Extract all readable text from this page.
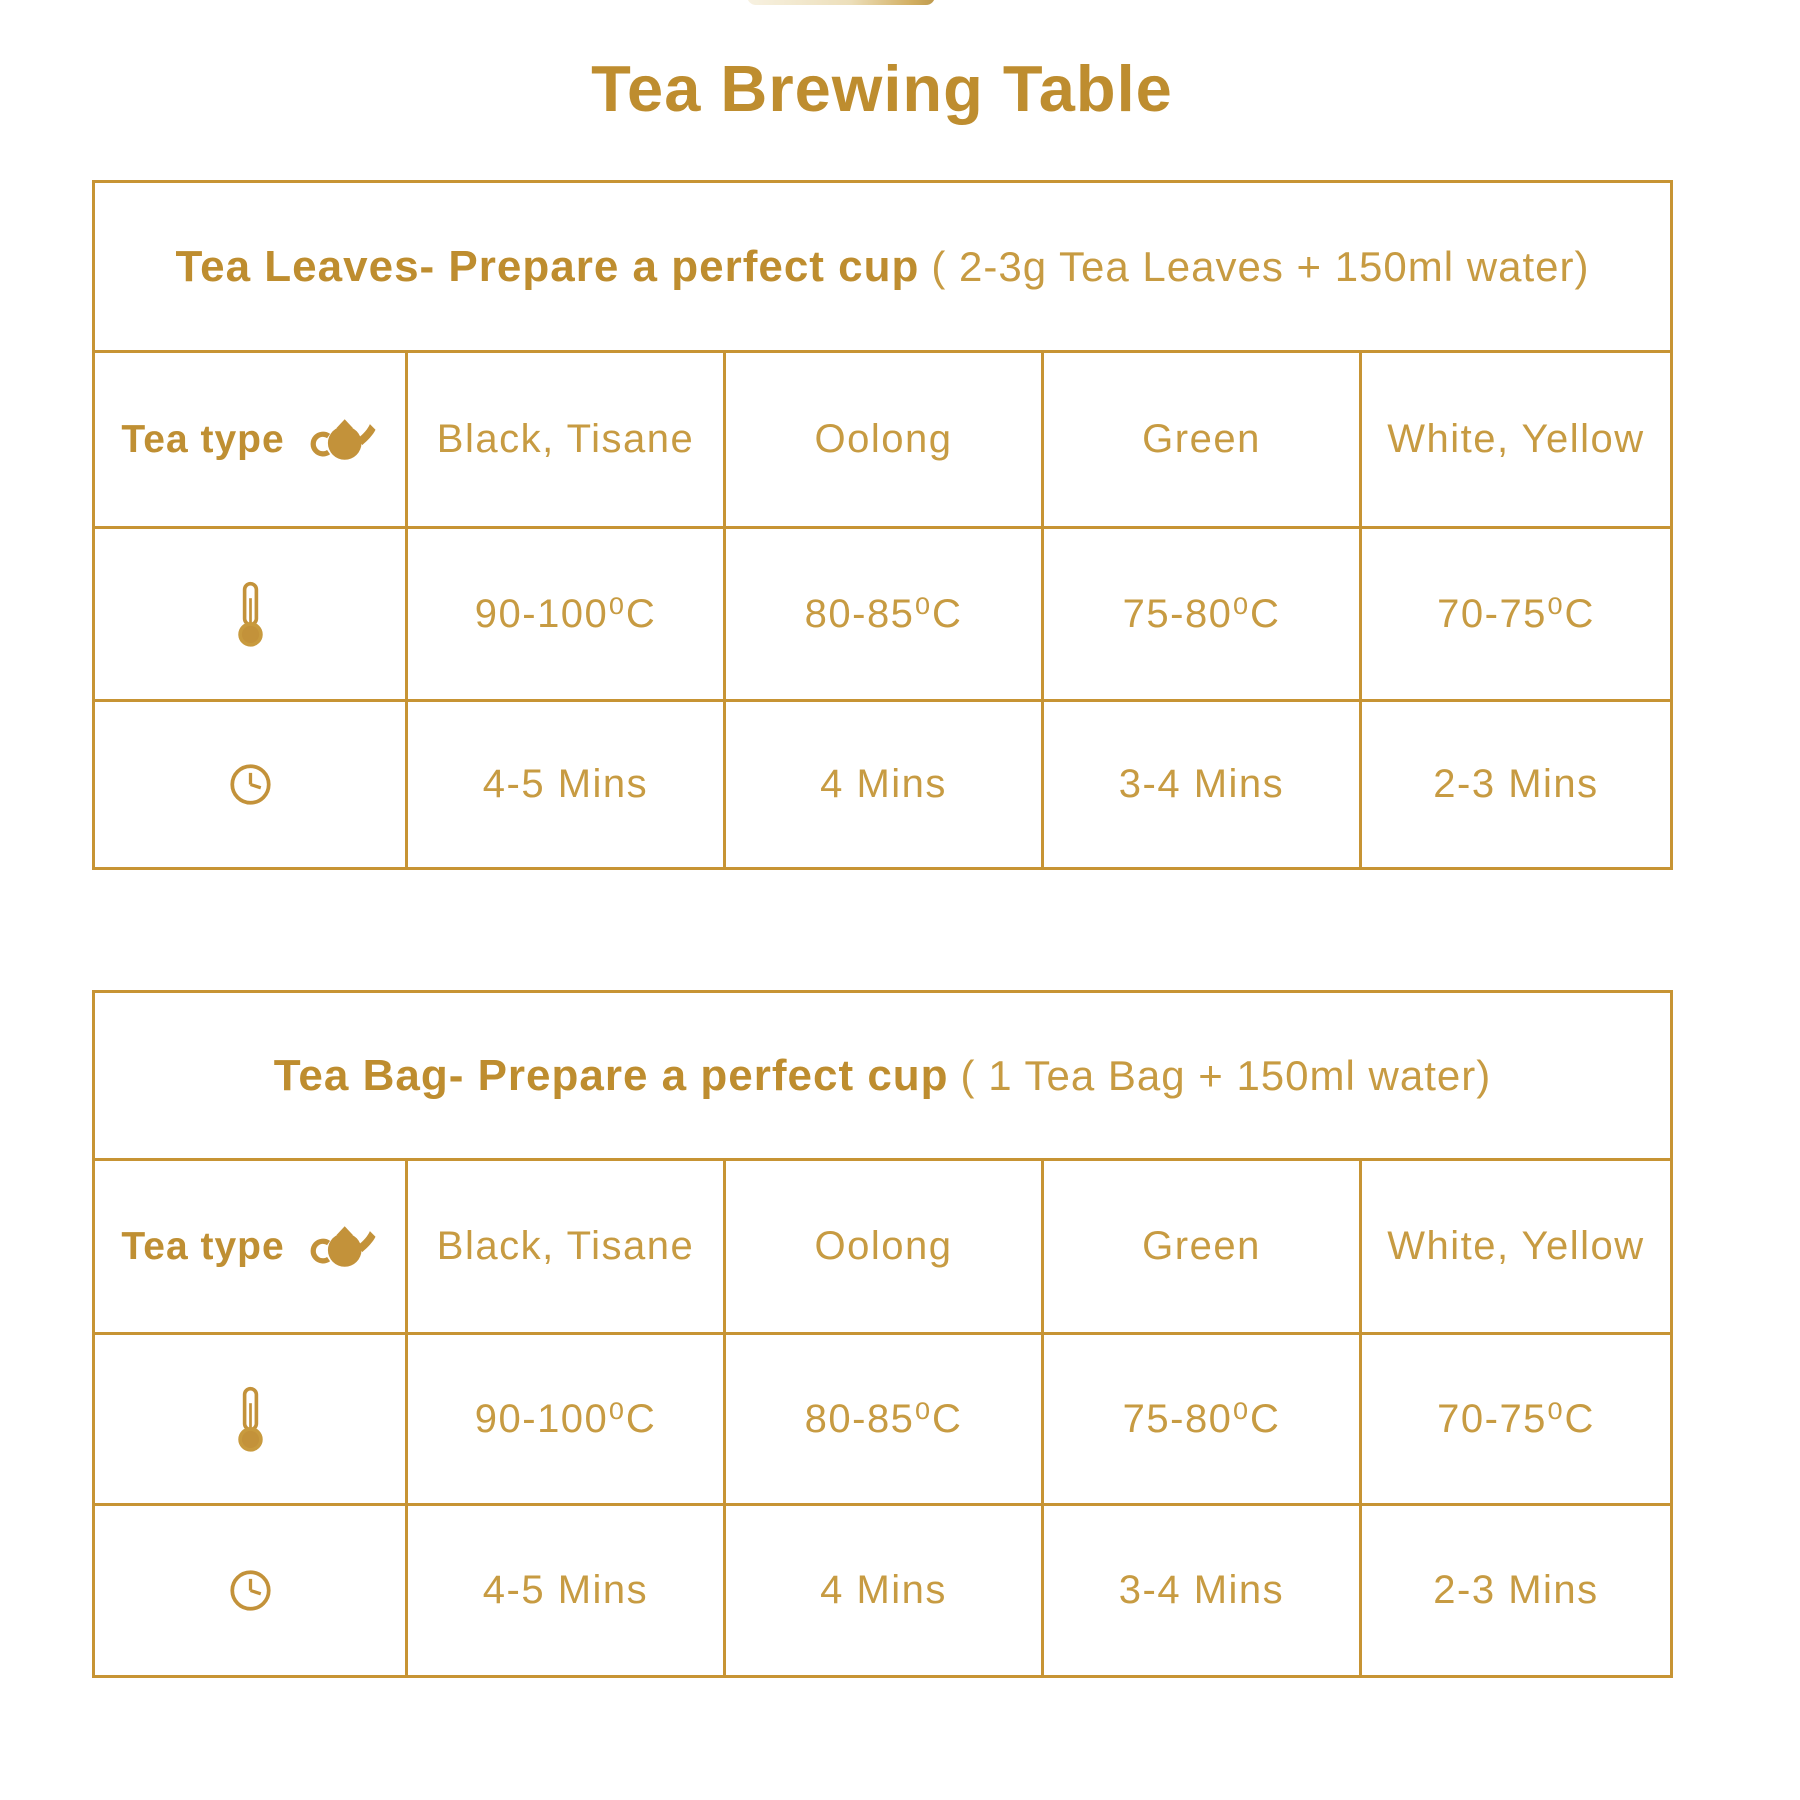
Tea Brewing Table
Tea Leaves- Prepare a perfect cup ( 2-3g Tea Leaves + 150ml water)
Tea type	Black, Tisane	Oolong	Green	White, Yellow
90-100⁰C	80-85⁰C	75-80⁰C	70-75⁰C
4-5 Mins	4 Mins	3-4 Mins	2-3 Mins
Tea Bag- Prepare a perfect cup ( 1 Tea Bag + 150ml water)
Tea type	Black, Tisane	Oolong	Green	White, Yellow
90-100⁰C	80-85⁰C	75-80⁰C	70-75⁰C
4-5 Mins	4 Mins	3-4 Mins	2-3 Mins
